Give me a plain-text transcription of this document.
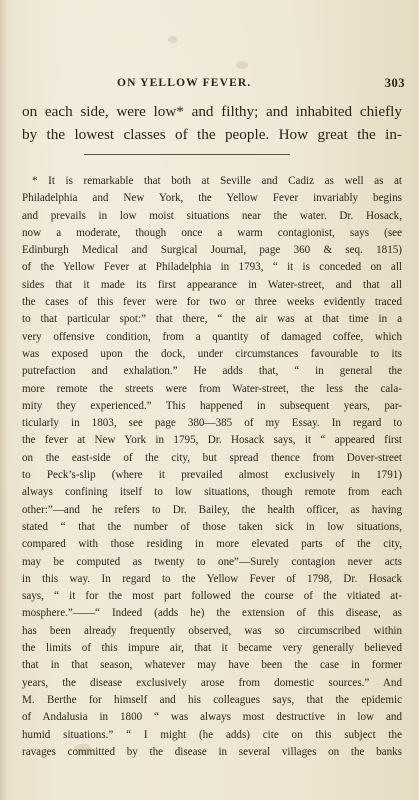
ON YELLOW FEVER.	303
on each side, were low* and filthy; and inhabited chiefly
by the lowest classes of the people. How great the in-
* It is remarkable that both at Seville and Cadiz as well as at
Philadelphia and New York, the Yellow Fever invariably begins
and prevails in low moist situations near the water. Dr. Hosack,
now a moderate, though once a warm contagionist, says (see
Edinburgh Medical and Surgical Journal, page 360 & seq. 1815)
of the Yellow Fever at Philadelphia in 1793, “ it is conceded on all
sides that it made its first appearance in Water-street, and that all
the cases of this fever were for two or three weeks evidently traced
to that particular spot:” that there, “ the air was at that time in a
very offensive condition, from a quantity of damaged coffee, which
was exposed upon the dock, under circumstances favourable to its
putrefaction and exhalation.” He adds that, “ in general the
more remote the streets were from Water-street, the less the cala-
mity they experienced.” This happened in subsequent years, par-
ticularly in 1803, see page 380—385 of my Essay. In regard to
the fever at New York in 1795, Dr. Hosack says, it “ appeared first
on the east-side of the city, but spread thence from Dover-street
to Peck’s-slip (where it prevailed almost exclusively in 1791)
always confining itself to low situations, though remote from each
other:”—and he refers to Dr. Bailey, the health officer, as having
stated “ that the number of those taken sick in low situations,
compared with those residing in more elevated parts of the city,
may be computed as twenty to one”—Surely contagion never acts
in this way. In regard to the Yellow Fever of 1798, Dr. Hosack
says, “ it for the most part followed the course of the vitiated at-
mosphere.”——“ Indeed (adds he) the extension of this disease, as
has been already frequently observed, was so circumscribed within
the limits of this impure air, that it became very generally believed
that in that season, whatever may have been the case in former
years, the disease exclusively arose from domestic sources.” And
M. Berthe for himself and his colleagues says, that the epidemic
of Andalusia in 1800 “ was always most destructive in low and
humid situations.” “ I might (he adds) cite on this subject the
ravages committed by the disease in several villages on the banks
